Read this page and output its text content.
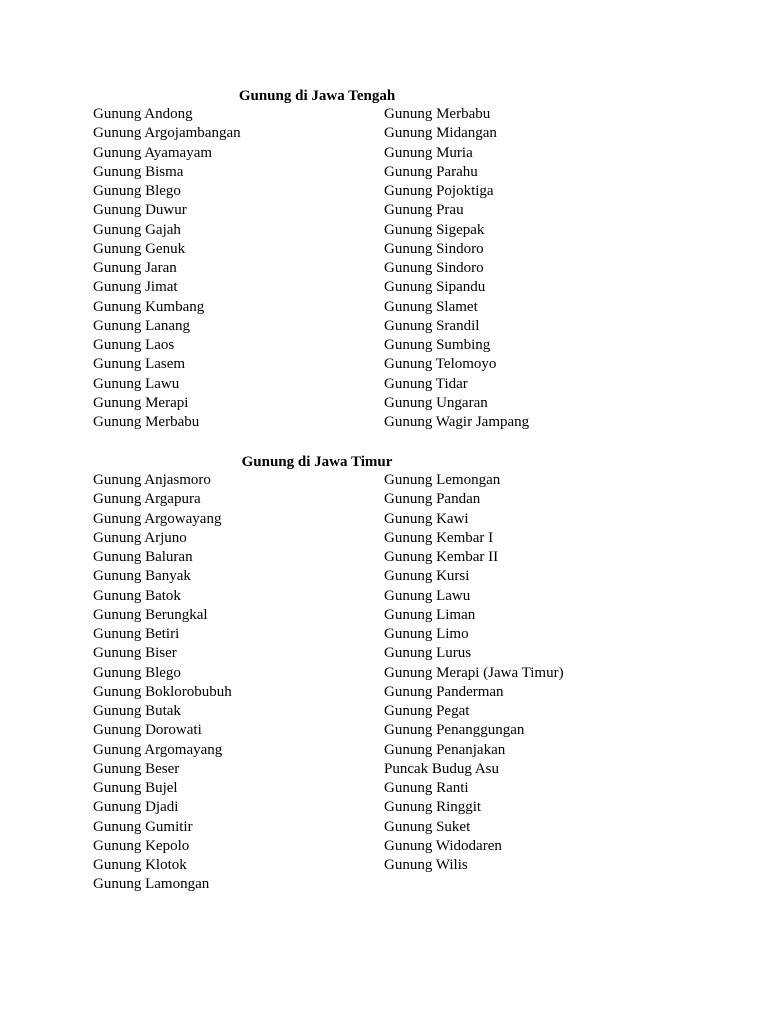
Gunung di Jawa Tengah
Gunung Andong
Gunung Argojambangan
Gunung Ayamayam
Gunung Bisma
Gunung Blego
Gunung Duwur
Gunung Gajah
Gunung Genuk
Gunung Jaran
Gunung Jimat
Gunung Kumbang
Gunung Lanang
Gunung Laos
Gunung Lasem
Gunung Lawu
Gunung Merapi
Gunung Merbabu
Gunung Merbabu
Gunung Midangan
Gunung Muria
Gunung Parahu
Gunung Pojoktiga
Gunung Prau
Gunung Sigepak
Gunung Sindoro
Gunung Sindoro
Gunung Sipandu
Gunung Slamet
Gunung Srandil
Gunung Sumbing
Gunung Telomoyo
Gunung Tidar
Gunung Ungaran
Gunung Wagir Jampang
Gunung di Jawa Timur
Gunung Anjasmoro
Gunung Argapura
Gunung Argowayang
Gunung Arjuno
Gunung Baluran
Gunung Banyak
Gunung Batok
Gunung Berungkal
Gunung Betiri
Gunung Biser
Gunung Blego
Gunung Boklorobubuh
Gunung Butak
Gunung Dorowati
Gunung Argomayang
Gunung Beser
Gunung Bujel
Gunung Djadi
Gunung Gumitir
Gunung Kepolo
Gunung Klotok
Gunung Lamongan
Gunung Lemongan
Gunung Pandan
Gunung Kawi
Gunung Kembar I
Gunung Kembar II
Gunung Kursi
Gunung Lawu
Gunung Liman
Gunung Limo
Gunung Lurus
Gunung Merapi (Jawa Timur)
Gunung Panderman
Gunung Pegat
Gunung Penanggungan
Gunung Penanjakan
Puncak Budug Asu
Gunung Ranti
Gunung Ringgit
Gunung Suket
Gunung Widodaren
Gunung Wilis
